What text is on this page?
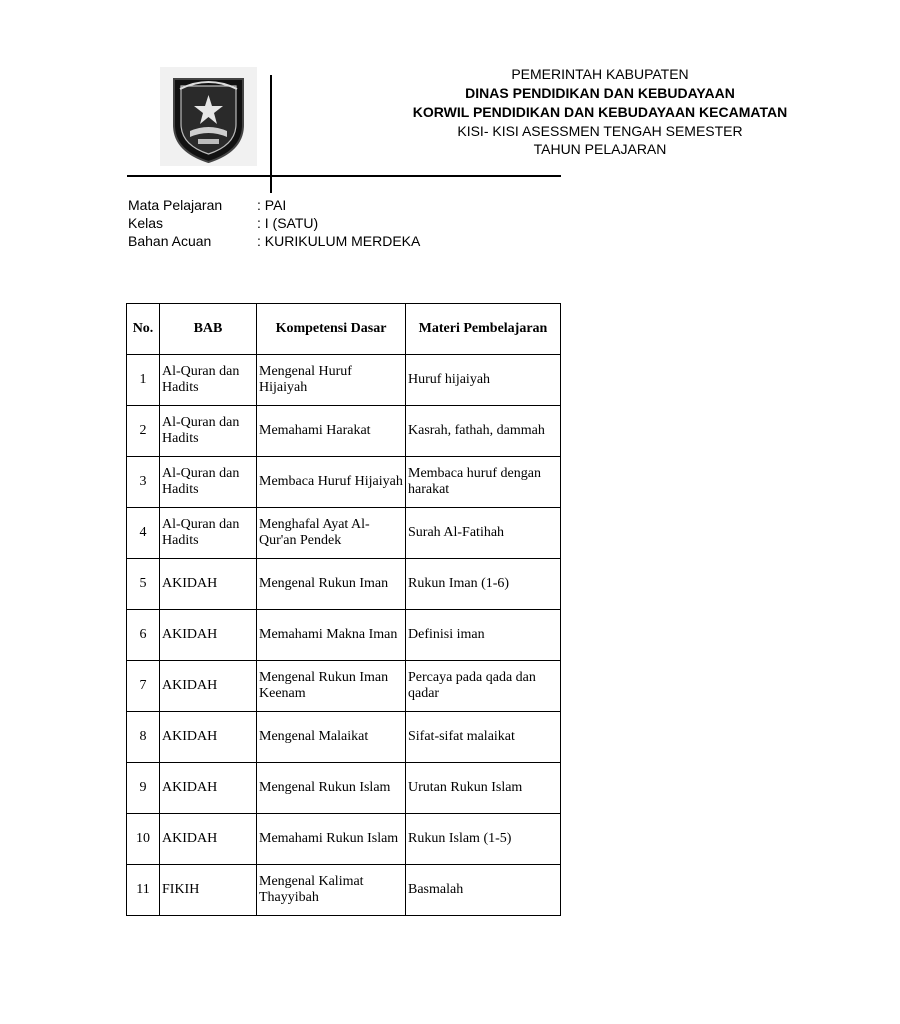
PEMERINTAH KABUPATEN
DINAS PENDIDIKAN DAN KEBUDAYAAN
KORWIL PENDIDIKAN DAN KEBUDAYAAN KECAMATAN
KISI- KISI ASESSMEN TENGAH SEMESTER
TAHUN PELAJARAN
Mata Pelajaran : PAI
Kelas	: I (SATU)
Bahan Acuan	: KURIKULUM MERDEKA
No.	BAB	Kompetensi Dasar	Materi Pembelajaran
1	Al-Quran dan Hadits	Mengenal Huruf Hijaiyah	Huruf hijaiyah
2	Al-Quran dan Hadits	Memahami Harakat	Kasrah, fathah, dammah
3	Al-Quran dan Hadits	Membaca Huruf Hijaiyah	Membaca huruf dengan harakat
4	Al-Quran dan Hadits	Menghafal Ayat Al-Qur'an Pendek	Surah Al-Fatihah
5	AKIDAH	Mengenal Rukun Iman	Rukun Iman (1-6)
6	AKIDAH	Memahami Makna Iman	Definisi iman
7	AKIDAH	Mengenal Rukun Iman Keenam	Percaya pada qada dan qadar
8	AKIDAH	Mengenal Malaikat	Sifat-sifat malaikat
9	AKIDAH	Mengenal Rukun Islam	Urutan Rukun Islam
10	AKIDAH	Memahami Rukun Islam	Rukun Islam (1-5)
11	FIKIH	Mengenal Kalimat Thayyibah	Basmalah
